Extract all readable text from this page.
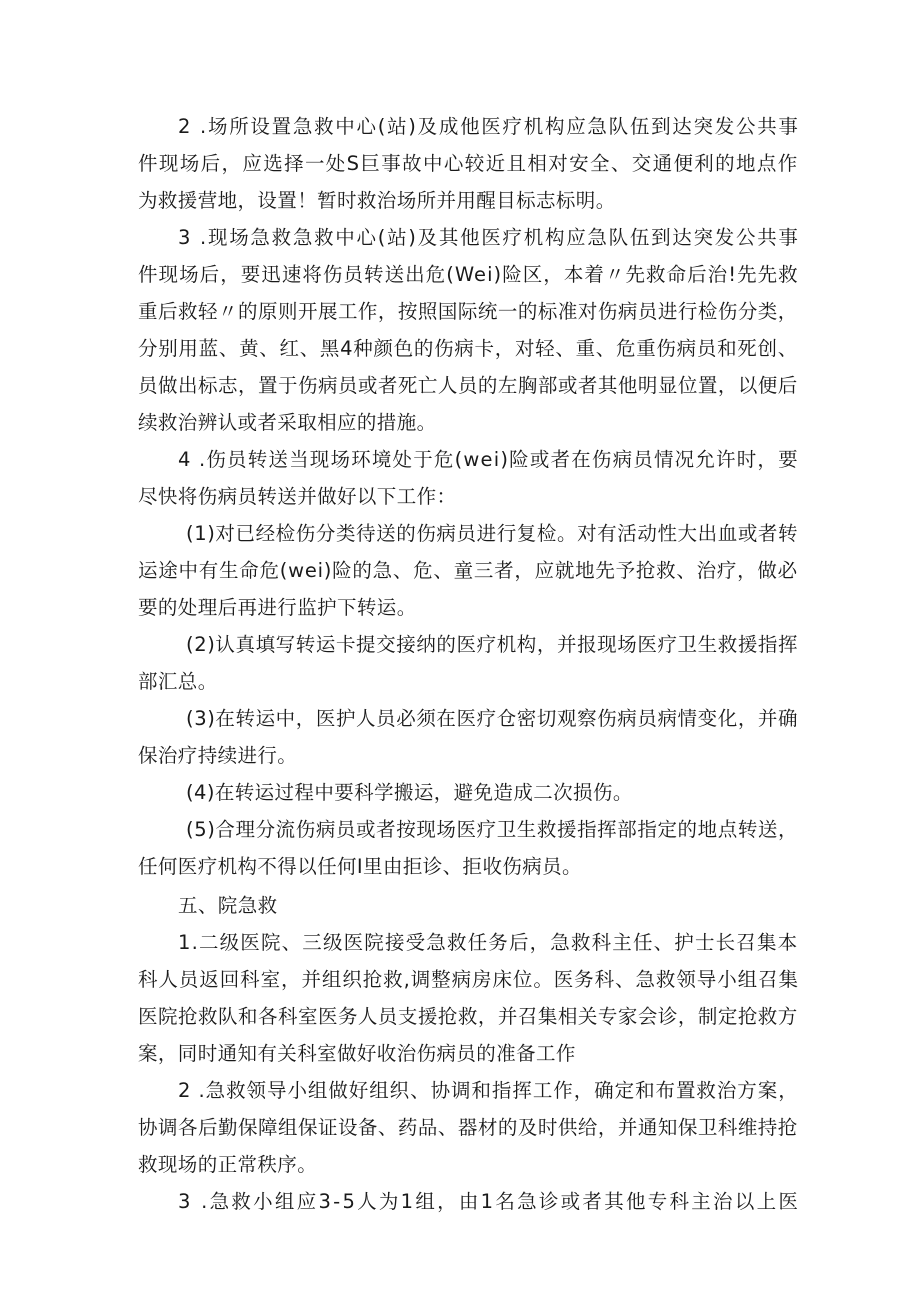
2 .场所设置急救中心(站)及成他医疗机构应急队伍到达突发公共事
件现场后，应选择一处S巨事故中心较近且相对安全、交通便利的地点作
为救援营地，设置！暂时救治场所并用醒目标志标明。
3 .现场急救急救中心(站)及其他医疗机构应急队伍到达突发公共事
件现场后，要迅速将伤员转送出危(Wei)险区，本着〃先救命后治!先先救
重后救轻〃的原则开展工作，按照国际统一的标准对伤病员进行检伤分类，
分别用蓝、黄、红、黑4种颜色的伤病卡，对轻、重、危重伤病员和死创、
员做出标志，置于伤病员或者死亡人员的左胸部或者其他明显位置，以便后
续救治辨认或者采取相应的措施。
4 .伤员转送当现场环境处于危(wei)险或者在伤病员情况允许时，要
尽快将伤病员转送并做好以下工作：
(1)对已经检伤分类待送的伤病员进行复检。对有活动性大出血或者转
运途中有生命危(wei)险的急、危、童三者，应就地先予抢救、治疗，做必
要的处理后再进行监护下转运。
(2)认真填写转运卡提交接纳的医疗机构，并报现场医疗卫生救援指挥
部汇总。
(3)在转运中，医护人员必须在医疗仓密切观察伤病员病情变化，并确
保治疗持续进行。
(4)在转运过程中要科学搬运，避免造成二次损伤。
(5)合理分流伤病员或者按现场医疗卫生救援指挥部指定的地点转送，
任何医疗机构不得以任何I里由拒诊、拒收伤病员。
五、院急救
1.二级医院、三级医院接受急救任务后，急救科主任、护士长召集本
科人员返回科室，并组织抢救,调整病房床位。医务科、急救领导小组召集
医院抢救队和各科室医务人员支援抢救，并召集相关专家会诊，制定抢救方
案，同时通知有关科室做好收治伤病员的准备工作
2 .急救领导小组做好组织、协调和指挥工作，确定和布置救治方案，
协调各后勤保障组保证设备、药品、器材的及时供给，并通知保卫科维持抢
救现场的正常秩序。
3 .急救小组应3-5人为1组，由1名急诊或者其他专科主治以上医
